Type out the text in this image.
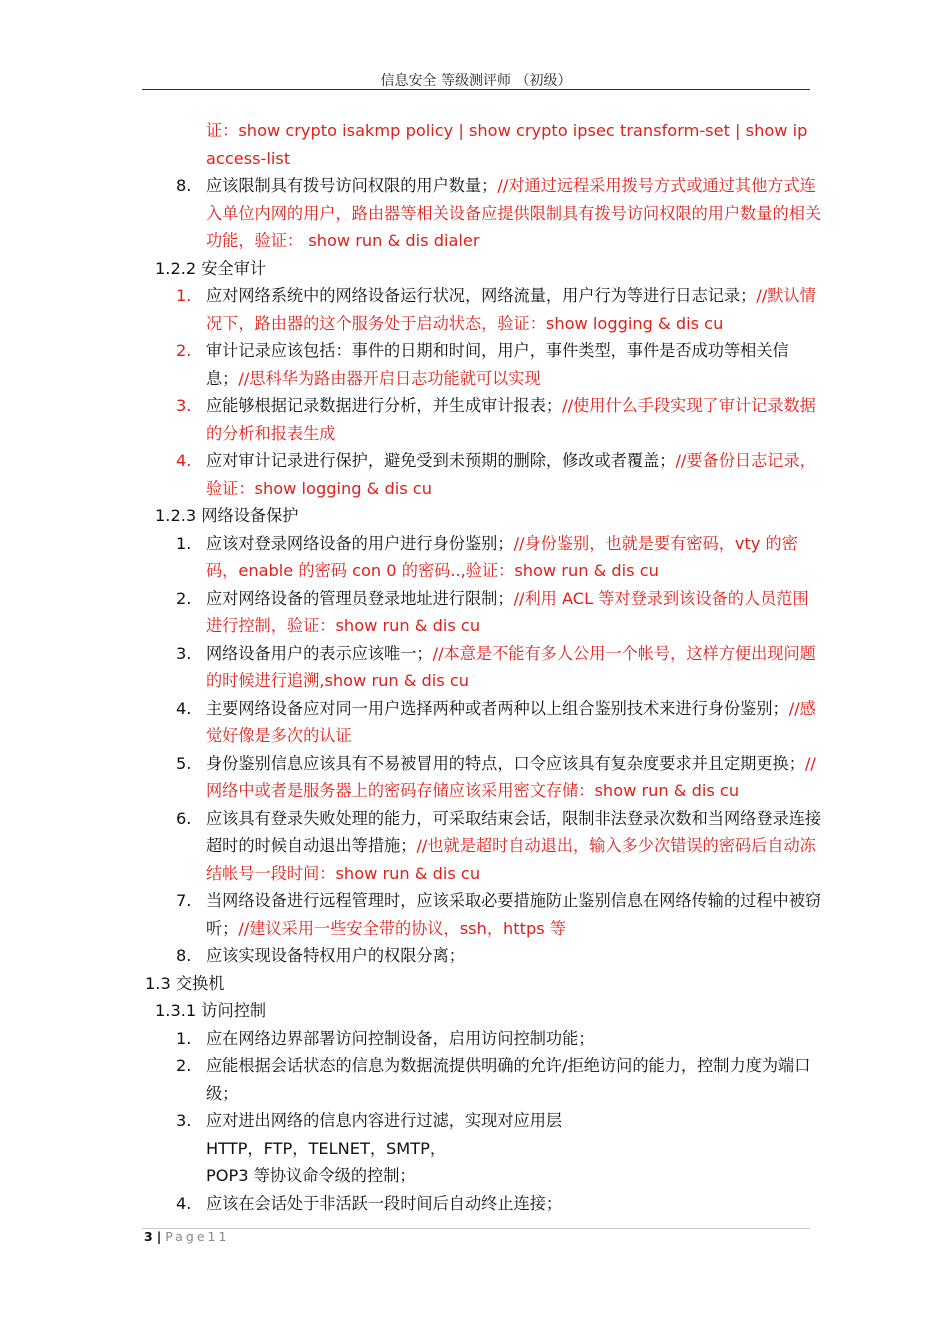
信息安全 等级测评师 （初级）
证：show crypto isakmp policy | show crypto ipsec transform-set | show ip access-list
8. 应该限制具有拨号访问权限的用户数量；//对通过远程采用拨号方式或通过其他方式连入单位内网的用户，路由器等相关设备应提供限制具有拨号访问权限的用户数量的相关功能，验证： show run & dis dialer
1.2.2 安全审计
1. 应对网络系统中的网络设备运行状况，网络流量，用户行为等进行日志记录；//默认情况下，路由器的这个服务处于启动状态，验证：show logging & dis cu
2. 审计记录应该包括：事件的日期和时间，用户，事件类型，事件是否成功等相关信息；//思科华为路由器开启日志功能就可以实现
3. 应能够根据记录数据进行分析，并生成审计报表；//使用什么手段实现了审计记录数据的分析和报表生成
4. 应对审计记录进行保护，避免受到未预期的删除，修改或者覆盖；//要备份日志记录，验证：show logging & dis cu
1.2.3 网络设备保护
1. 应该对登录网络设备的用户进行身份鉴别；//身份鉴别，也就是要有密码，vty 的密码，enable 的密码 con 0 的密码..,验证：show run & dis cu
2. 应对网络设备的管理员登录地址进行限制；//利用 ACL 等对登录到该设备的人员范围进行控制，验证：show run & dis cu
3. 网络设备用户的表示应该唯一；//本意是不能有多人公用一个帐号，这样方便出现问题的时候进行追溯,show run & dis cu
4. 主要网络设备应对同一用户选择两种或者两种以上组合鉴别技术来进行身份鉴别；//感觉好像是多次的认证
5. 身份鉴别信息应该具有不易被冒用的特点，口令应该具有复杂度要求并且定期更换；//网络中或者是服务器上的密码存储应该采用密文存储：show run & dis cu
6. 应该具有登录失败处理的能力，可采取结束会话，限制非法登录次数和当网络登录连接超时的时候自动退出等措施；//也就是超时自动退出，输入多少次错误的密码后自动冻结帐号一段时间：show run & dis cu
7. 当网络设备进行远程管理时，应该采取必要措施防止鉴别信息在网络传输的过程中被窃听；//建议采用一些安全带的协议，ssh，https 等
8. 应该实现设备特权用户的权限分离；
1.3 交换机
1.3.1 访问控制
1. 应在网络边界部署访问控制设备，启用访问控制功能；
2. 应能根据会话状态的信息为数据流提供明确的允许/拒绝访问的能力，控制力度为端口级；
3. 应对进出网络的信息内容进行过滤，实现对应用层
HTTP，FTP，TELNET，SMTP，
POP3 等协议命令级的控制；
4. 应该在会话处于非活跃一段时间后自动终止连接；
3 | Page11
